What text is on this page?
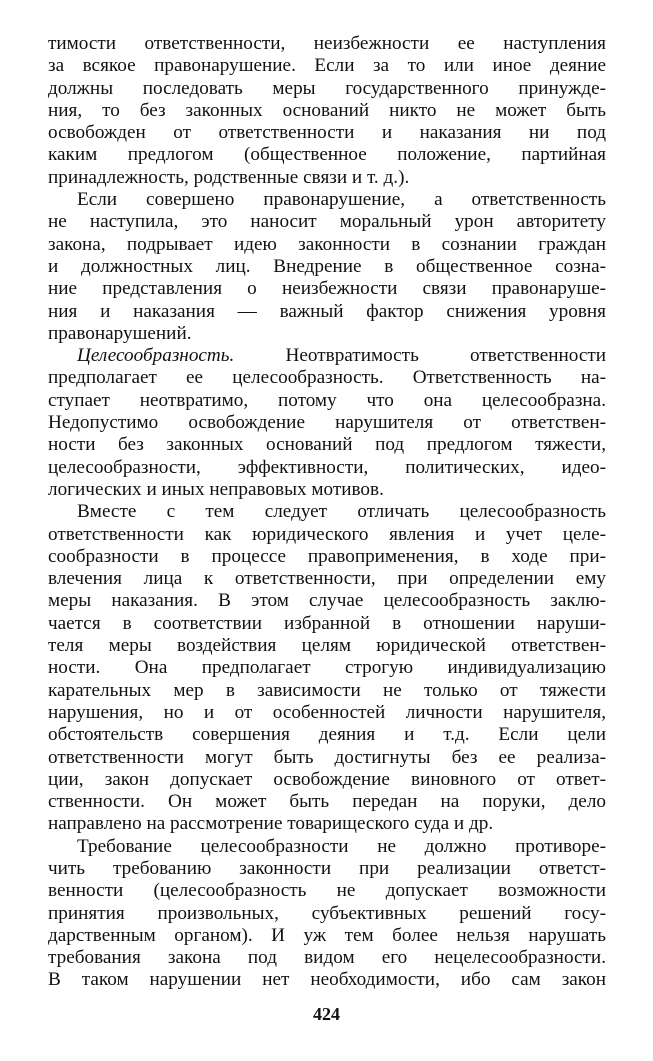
тимости ответственности, неизбежности ее наступления
за всякое правонарушение. Если за то или иное деяние
должны последовать меры государственного принужде-
ния, то без законных оснований никто не может быть
освобожден от ответственности и наказания ни под
каким предлогом (общественное положение, партийная
принадлежность, родственные связи и т. д.).
Если совершено правонарушение, а ответственность
не наступила, это наносит моральный урон авторитету
закона, подрывает идею законности в сознании граждан
и должностных лиц. Внедрение в общественное созна-
ние представления о неизбежности связи правонаруше-
ния и наказания — важный фактор снижения уровня
правонарушений.
Целесообразность. Неотвратимость ответственности
предполагает ее целесообразность. Ответственность на-
ступает неотвратимо, потому что она целесообразна.
Недопустимо освобождение нарушителя от ответствен-
ности без законных оснований под предлогом тяжести,
целесообразности, эффективности, политических, идео-
логических и иных неправовых мотивов.
Вместе с тем следует отличать целесообразность
ответственности как юридического явления и учет целе-
сообразности в процессе правоприменения, в ходе при-
влечения лица к ответственности, при определении ему
меры наказания. В этом случае целесообразность заклю-
чается в соответствии избранной в отношении наруши-
теля меры воздействия целям юридической ответствен-
ности. Она предполагает строгую индивидуализацию
карательных мер в зависимости не только от тяжести
нарушения, но и от особенностей личности нарушителя,
обстоятельств совершения деяния и т.д. Если цели
ответственности могут быть достигнуты без ее реализа-
ции, закон допускает освобождение виновного от ответ-
ственности. Он может быть передан на поруки, дело
направлено на рассмотрение товарищеского суда и др.
Требование целесообразности не должно противоре-
чить требованию законности при реализации ответст-
венности (целесообразность не допускает возможности
принятия произвольных, субъективных решений госу-
дарственным органом). И уж тем более нельзя нарушать
требования закона под видом его нецелесообразности.
В таком нарушении нет необходимости, ибо сам закон
424
